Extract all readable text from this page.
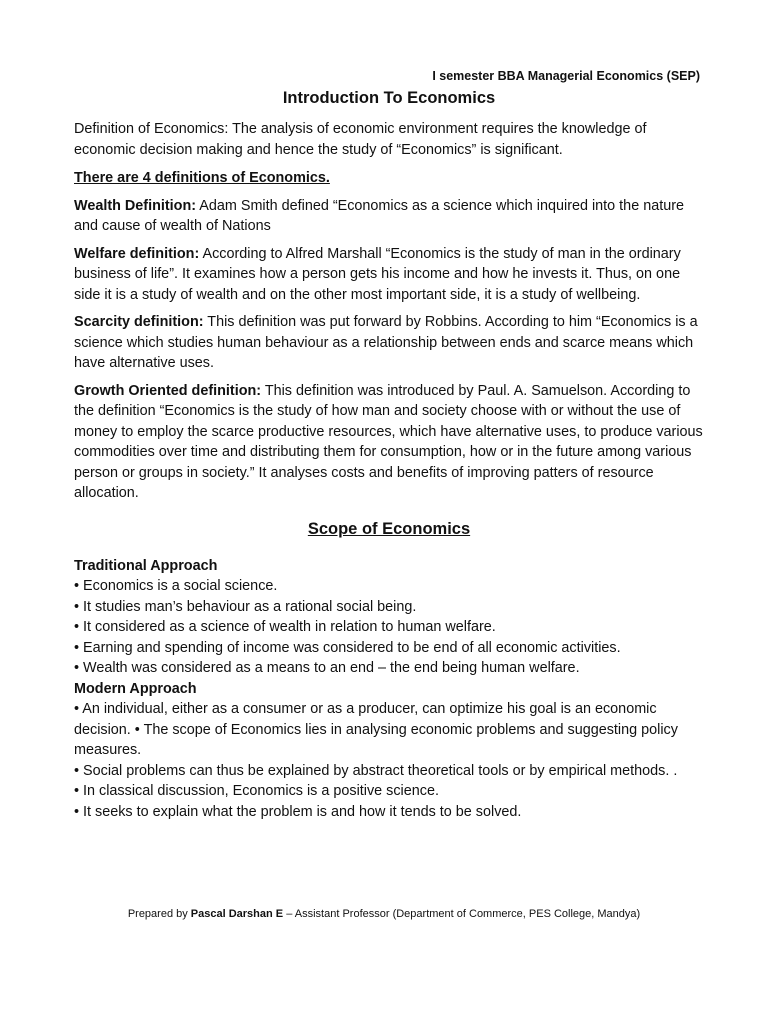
I semester BBA Managerial Economics (SEP)
Introduction To Economics

Definition of Economics: The analysis of economic environment requires the knowledge of economic decision making and hence the study of “Economics” is significant.

There are 4 definitions of Economics.

Wealth Definition: Adam Smith defined “Economics as a science which inquired into the nature and cause of wealth of Nations

Welfare definition: According to Alfred Marshall “Economics is the study of man in the ordinary business of life”. It examines how a person gets his income and how he invests it. Thus, on one side it is a study of wealth and on the other most important side, it is a study of wellbeing.

Scarcity definition: This definition was put forward by Robbins. According to him “Economics is a science which studies human behaviour as a relationship between ends and scarce means which have alternative uses.

Growth Oriented definition: This definition was introduced by Paul. A. Samuelson. According to the definition “Economics is the study of how man and society choose with or without the use of money to employ the scarce productive resources, which have alternative uses, to produce various commodities over time and distributing them for consumption, how or in the future among various person or groups in society.” It analyses costs and benefits of improving patters of resource allocation.

Scope of Economics
Traditional Approach
• Economics is a social science.
• It studies man’s behaviour as a rational social being.
• It considered as a science of wealth in relation to human welfare.
• Earning and spending of income was considered to be end of all economic activities.
• Wealth was considered as a means to an end – the end being human welfare.
Modern Approach
• An individual, either as a consumer or as a producer, can optimize his goal is an economic decision. • The scope of Economics lies in analysing economic problems and suggesting policy measures.
• Social problems can thus be explained by abstract theoretical tools or by empirical methods. .
• In classical discussion, Economics is a positive science.
• It seeks to explain what the problem is and how it tends to be solved.
Prepared by Pascal Darshan E – Assistant Professor (Department of Commerce, PES College, Mandya)
